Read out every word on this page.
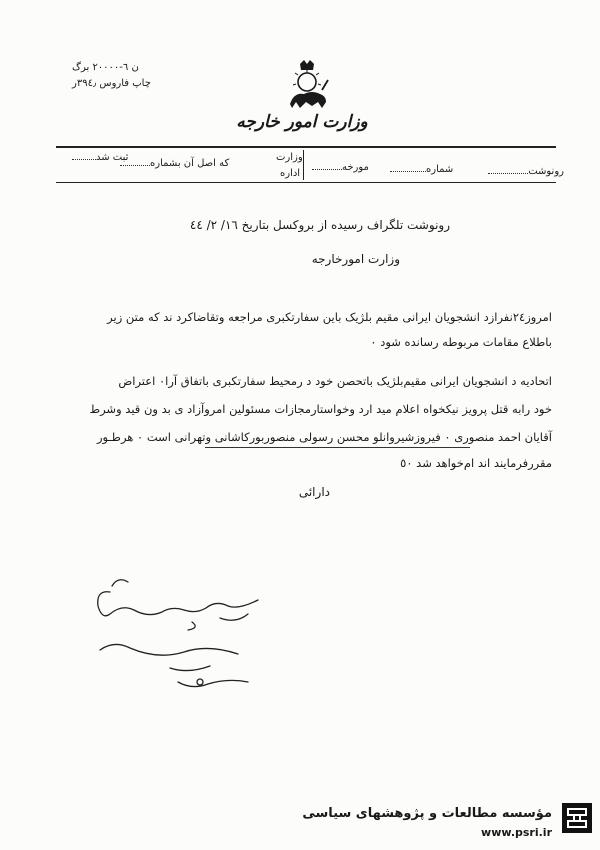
ن ٦-٢٠٠٠٠ برگ
چاپ فاروس ۳۹٤٫ر
وزارت امور خارجه
ثبت شد
که اصل آن بشماره
وزارت
اداره
مورخه	شماره	رونوشت
رونوشت تلگراف رسیده از بروکسل بتاریخ ١٦/ ٢/ ٤٤
وزارت امورخارجه
امروز٢٤نفرازد انشجویان ایرانی مقیم بلژیک باین سفارتکبری مراجعه وتقاضاکرد ند که متن زیر
باطلاع مقامات مربوطه رسانده شود ٠
اتحادیه د انشجویان ایرانی مقیم‌بلژیک باتحصن خود د رمحیط سفارتکبری باتفاق آرا٠ اعتراض
خود رابه قتل پرویز نیکخواه اعلام مید ارد وخواستارمجازات مسئولین امروآزاد ی بد ون قید وشرط
آقایان احمد منصوری ٠ فیروزشیروانلو محسن رسولی منصوربورکاشانی وتهرانی است ٠ هرطـور
مقررفرمایند اند ام‌خواهد شد ٥٠
دارائی
مؤسسه مطالعات و پژوهشهای سیاسی
www.psri.ir
